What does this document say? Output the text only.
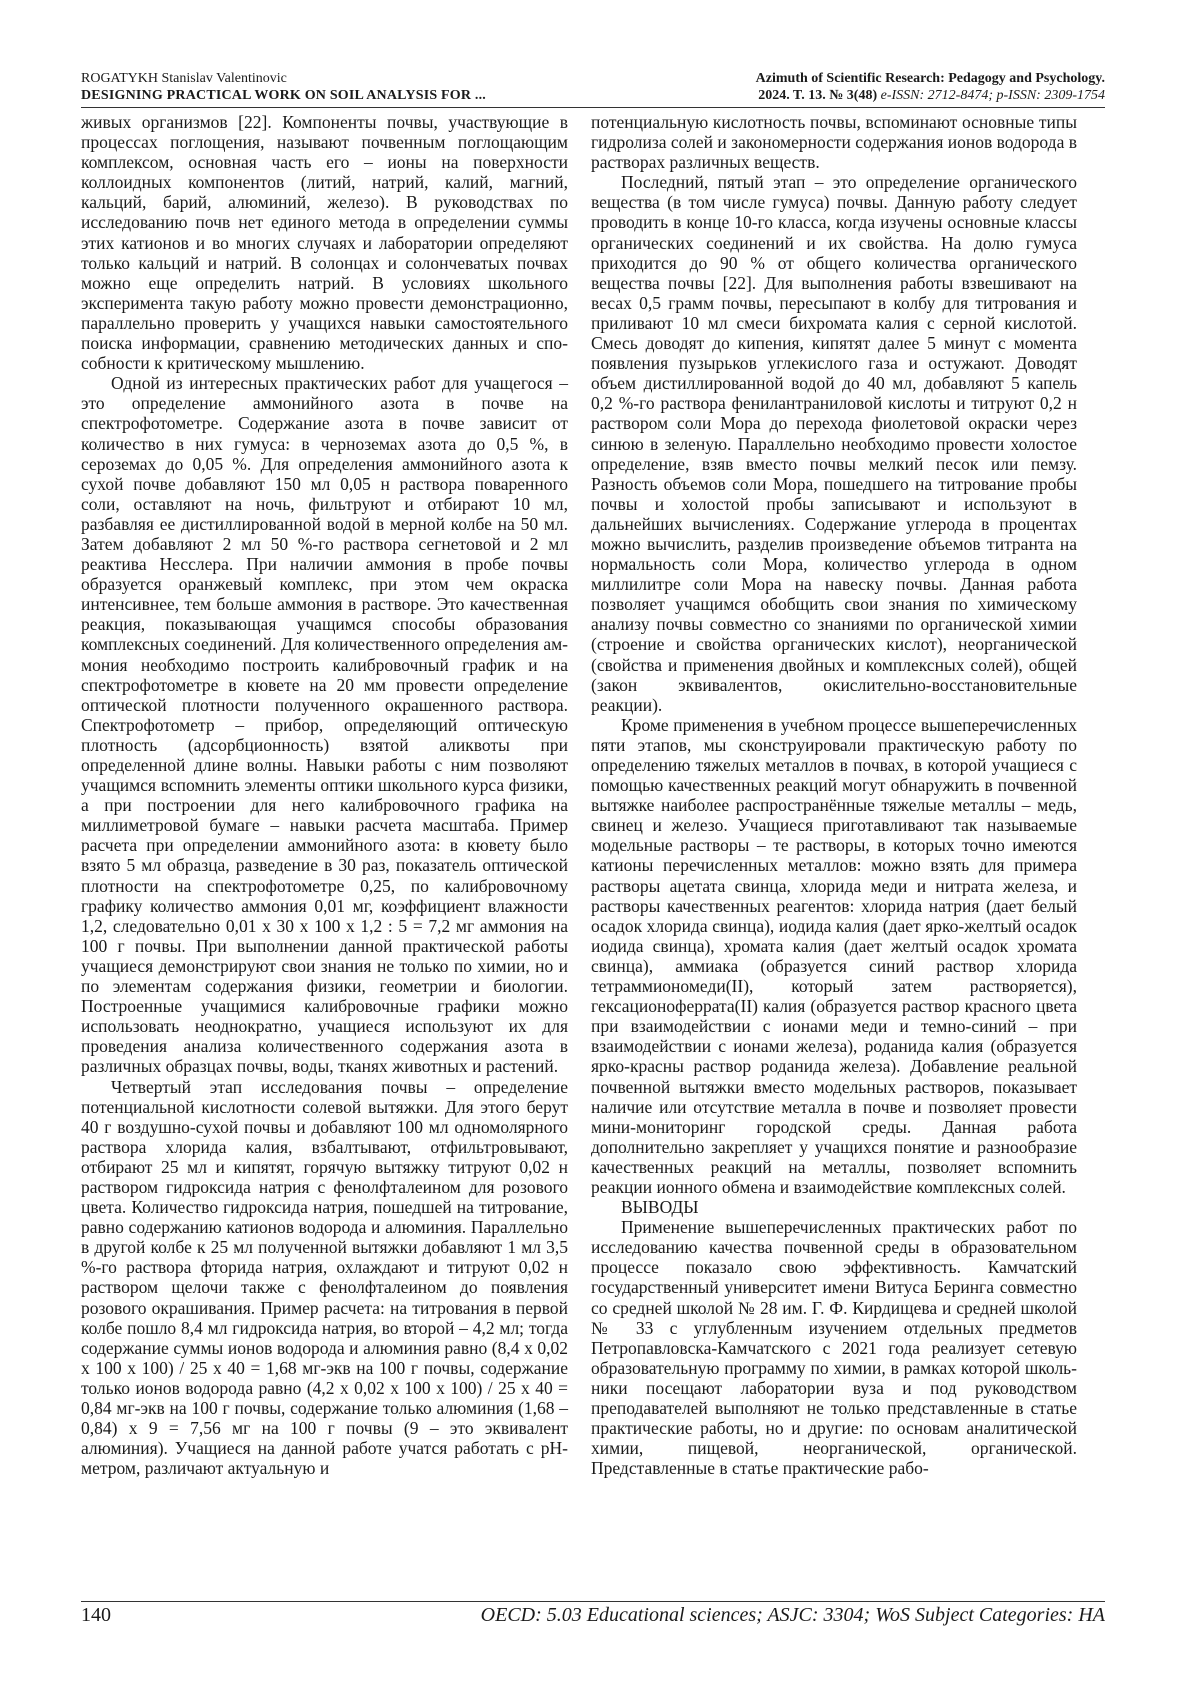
ROGATYKH Stanislav Valentinovic
DESIGNING PRACTICAL WORK ON SOIL ANALYSIS FOR ...
Azimuth of Scientific Research: Pedagogy and Psychology.
2024. T. 13. № 3(48) e-ISSN: 2712-8474; p-ISSN: 2309-1754

живых организмов [22]. Компоненты почвы, участвующие в процессах поглощения, называют почвенным поглощающим комплексом, основная часть его – ионы на поверхности коллоидных компонентов (литий, натрий, калий, магний, кальций, барий, алюминий, железо). В руководствах по исследованию почв нет единого метода в определении суммы этих катионов и во многих случаях и лаборатории определяют только кальций и натрий. В солонцах и солончеватых почвах можно еще определить натрий. В условиях школьного эксперимента такую работу можно провести демонстрационно, параллельно проверить у учащихся навыки самостоятельного поиска информации, сравнению методических данных и способности к критическому мышлению.

Одной из интересных практических работ для учащегося – это определение аммонийного азота в почве на спектрофотометре. Содержание азота в почве зависит от количество в них гумуса: в черноземах азота до 0,5 %, в сероземах до 0,05 %. Для определения аммонийного азота к сухой почве добавляют 150 мл 0,05 н раствора поваренного соли, оставляют на ночь, фильтруют и отбирают 10 мл, разбавляя ее дистиллированной водой в мерной колбе на 50 мл. Затем добавляют 2 мл 50 %-го раствора сегнетовой и 2 мл реактива Несслера. При наличии аммония в пробе почвы образуется оранжевый комплекс, при этом чем окраска интенсивнее, тем больше аммония в растворе. Это качественная реакция, показывающая учащимся способы образования комплексных соединений. Для количественного определения аммония необходимо построить калибровочный график и на спектрофотометре в кювете на 20 мм провести определение оптической плотности полученного окрашенного раствора. Спектрофотометр – прибор, определяющий оптическую плотность (адсорбционность) взятой аликвоты при определенной длине волны. Навыки работы с ним позволяют учащимся вспомнить элементы оптики школьного курса физики, а при построении для него калибровочного графика на миллиметровой бумаге – навыки расчета масштаба. Пример расчета при определении аммонийного азота: в кювету было взято 5 мл образца, разведение в 30 раз, показатель оптической плотности на спектрофотометре 0,25, по калибровочному графику количество аммония 0,01 мг, коэффициент влажности 1,2, следовательно 0,01 x 30 x 100 x 1,2 : 5 = 7,2 мг аммония на 100 г почвы. При выполнении данной практической работы учащиеся демонстрируют свои знания не только по химии, но и по элементам содержания физики, геометрии и биологии. Построенные учащимися калибровочные графики можно использовать неоднократно, учащиеся используют их для проведения анализа количественного содержания азота в различных образцах почвы, воды, тканях животных и растений.

Четвертый этап исследования почвы – определение потенциальной кислотности солевой вытяжки. Для этого берут 40 г воздушно-сухой почвы и добавляют 100 мл одномолярного раствора хлорида калия, взбалтывают, отфильтровывают, отбирают 25 мл и кипятят, горячую вытяжку титруют 0,02 н раствором гидроксида натрия с фенолфталеином для розового цвета. Количество гидроксида натрия, пошедшей на титрование, равно содержанию катионов водорода и алюминия. Параллельно в другой колбе к 25 мл полученной вытяжки добавляют 1 мл 3,5 %-го раствора фторида натрия, охлаждают и титруют 0,02 н раствором щелочи также с фенолфталеином до появления розового окрашивания. Пример расчета: на титрования в первой колбе пошло 8,4 мл гидроксида натрия, во второй – 4,2 мл; тогда содержание суммы ионов водорода и алюминия равно (8,4 x 0,02 x 100 x 100) / 25 x 40 = 1,68 мг-экв на 100 г почвы, содержание только ионов водорода равно (4,2 x 0,02 x 100 x 100) / 25 x 40 = 0,84 мг-экв на 100 г почвы, содержание только алюминия (1,68 – 0,84) x 9 = 7,56 мг на 100 г почвы (9 – это эквивалент алюминия). Учащиеся на данной работе учатся работать с pH-метром, различают актуальную и

потенциальную кислотность почвы, вспоминают основные типы гидролиза солей и закономерности содержания ионов водорода в растворах различных веществ.

Последний, пятый этап – это определение органического вещества (в том числе гумуса) почвы. Данную работу следует проводить в конце 10-го класса, когда изучены основные классы органических соединений и их свойства. На долю гумуса приходится до 90 % от общего количества органического вещества почвы [22]. Для выполнения работы взвешивают на весах 0,5 грамм почвы, пересыпают в колбу для титрования и приливают 10 мл смеси бихромата калия с серной кислотой. Смесь доводят до кипения, кипятят далее 5 минут с момента появления пузырьков углекислого газа и остужают. Доводят объем дистиллированной водой до 40 мл, добавляют 5 капель 0,2 %-го раствора фенилантраниловой кислоты и титруют 0,2 н раствором соли Мора до перехода фиолетовой окраски через синюю в зеленую. Параллельно необходимо провести холостое определение, взяв вместо почвы мелкий песок или пемзу. Разность объемов соли Мора, пошедшего на титрование пробы почвы и холостой пробы записывают и используют в дальнейших вычислениях. Содержание углерода в процентах можно вычислить, разделив произведение объемов титранта на нормальность соли Мора, количество углерода в одном миллилитре соли Мора на навеску почвы. Данная работа позволяет учащимся обобщить свои знания по химическому анализу почвы совместно со знаниями по органической химии (строение и свойства органических кислот), неорганической (свойства и применения двойных и комплексных солей), общей (закон эквивалентов, окислительно-восстановительные реакции).

Кроме применения в учебном процессе вышеперечисленных пяти этапов, мы сконструировали практическую работу по определению тяжелых металлов в почвах, в которой учащиеся с помощью качественных реакций могут обнаружить в почвенной вытяжке наиболее распространённые тяжелые металлы – медь, свинец и железо. Учащиеся приготавливают так называемые модельные растворы – те растворы, в которых точно имеются катионы перечисленных металлов: можно взять для примера растворы ацетата свинца, хлорида меди и нитрата железа, и растворы качественных реагентов: хлорида натрия (дает белый осадок хлорида свинца), иодида калия (дает ярко-желтый осадок иодида свинца), хромата калия (дает желтый осадок хромата свинца), аммиака (образуется синий раствор хлорида тетраммиономеди(II), который затем растворяется), гексационоферрата(II) калия (образуется раствор красного цвета при взаимодействии с ионами меди и темно-синий – при взаимодействии с ионами железа), роданида калия (образуется ярко-красны раствор роданида железа). Добавление реальной почвенной вытяжки вместо модельных растворов, показывает наличие или отсутствие металла в почве и позволяет провести мини-мониторинг городской среды. Данная работа дополнительно закрепляет у учащихся понятие и разнообразие качественных реакций на металлы, позволяет вспомнить реакции ионного обмена и взаимодействие комплексных солей.

ВЫВОДЫ

Применение вышеперечисленных практических работ по исследованию качества почвенной среды в образовательном процессе показало свою эффективность. Камчатский государственный университет имени Витуса Беринга совместно со средней школой № 28 им. Г. Ф. Кирдищева и средней школой № 33 с углубленным изучением отдельных предметов Петропавловска-Камчатского с 2021 года реализует сетевую образовательную программу по химии, в рамках которой школьники посещают лаборатории вуза и под руководством преподавателей выполняют не только представленные в статье практические работы, но и другие: по основам аналитической химии, пищевой, неорганической, органической. Представленные в статье практические рабо-

140	OECD: 5.03 Educational sciences; ASJC: 3304; WoS Subject Categories: HA
